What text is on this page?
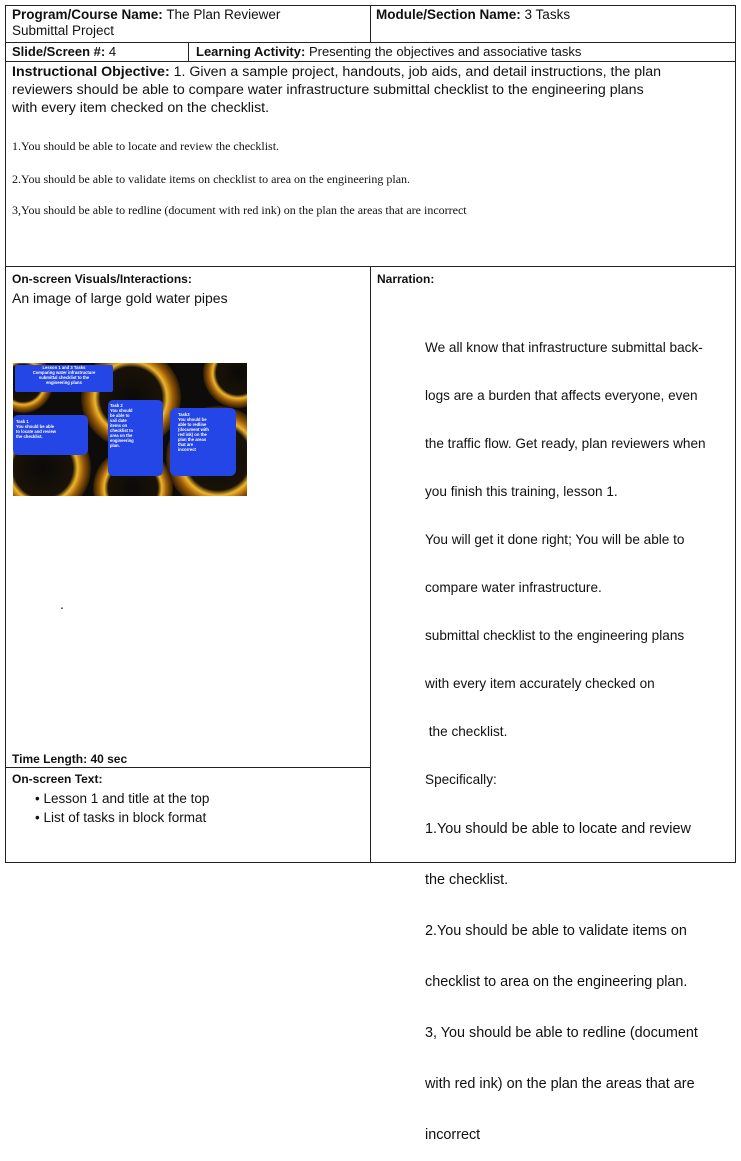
Program/Course Name: The Plan Reviewer
Submittal Project
Module/Section Name: 3 Tasks
Slide/Screen #: 4	Learning Activity: Presenting the objectives and associative tasks
Instructional Objective: 1. Given a sample project, handouts, job aids, and detail instructions, the plan
reviewers should be able to compare water infrastructure submittal checklist to the engineering plans
with every item checked on the checklist.
1.You should be able to locate and review the checklist.
2.You should be able to validate items on checklist to area on the engineering plan.
3,You should be able to redline (document with red ink) on the plan the areas that are incorrect
On-screen Visuals/Interactions:
An image of large gold water pipes
Lesson 1 and 3 Tasks
Comparing water infrastructure
submittal checklist to the
engineering plans
Task 1
You should be able
to locate and review
the checklist.
Task 2
You should
be able to
vali date
items on
checklist to
area on the
engineering
plan.
Task3
You should be
able to redline
(document with
red ink) on the
plan the areas
that are
incorrect
.
Time Length: 40 sec
On-screen Text:
• Lesson 1 and title at the top
• List of tasks in block format
Narration:

We all know that infrastructure submittal back-

logs are a burden that affects everyone, even

the traffic flow. Get ready, plan reviewers when

you finish this training, lesson 1.

You will get it done right; You will be able to

compare water infrastructure.

submittal checklist to the engineering plans

with every item accurately checked on

the checklist.

Specifically:

1.You should be able to locate and review

the checklist.

2.You should be able to validate items on

checklist to area on the engineering plan.

3, You should be able to redline (document

with red ink) on the plan the areas that are

incorrect
